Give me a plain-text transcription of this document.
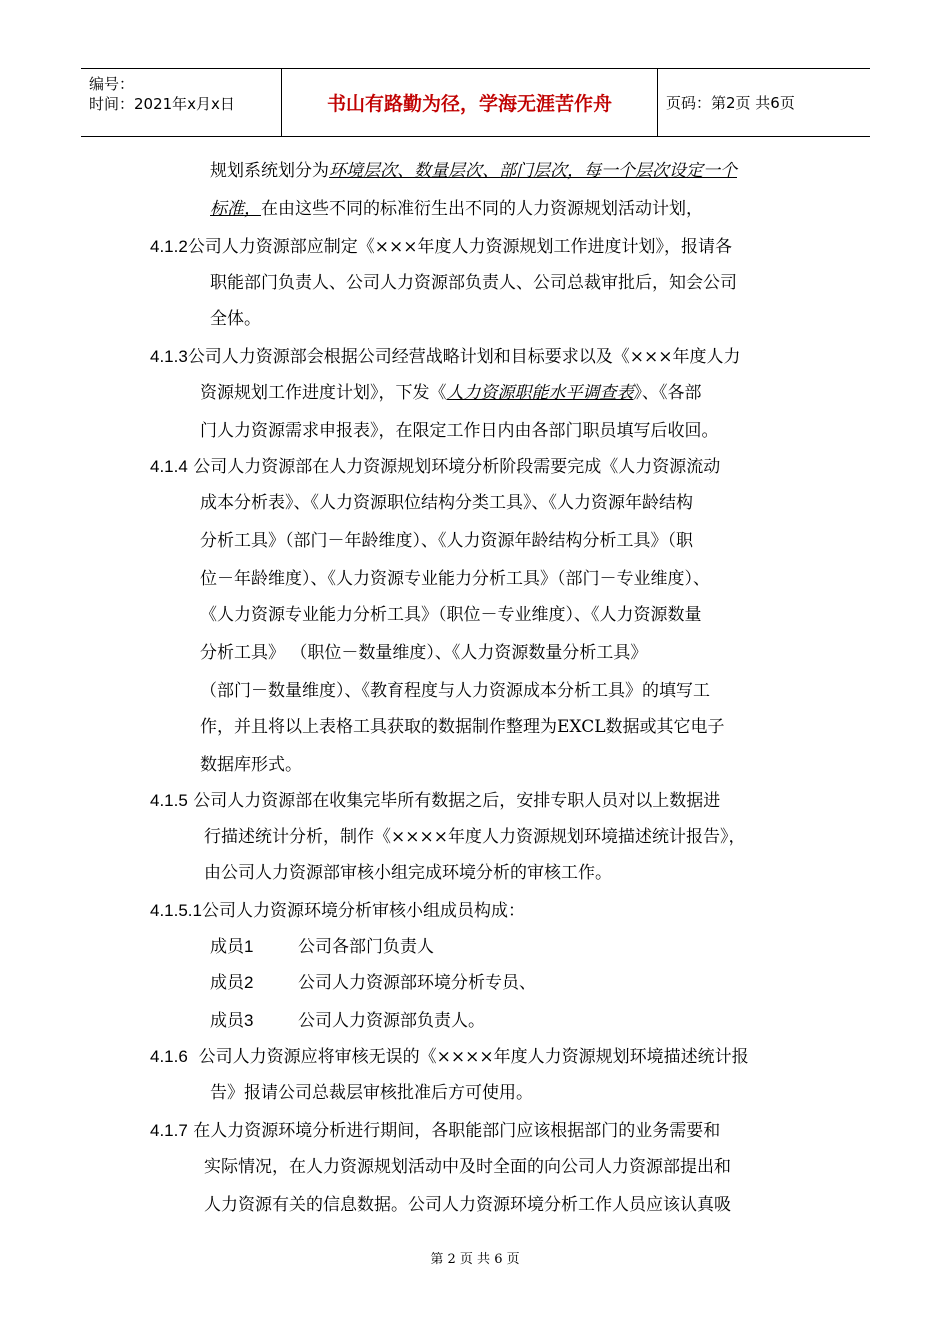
编号：
时间：2021年x月x日	书山有路勤为径，学海无涯苦作舟	页码：第2页 共6页
规划系统划分为环境层次、数量层次、部门层次，每一个层次设定一个
标准，在由这些不同的标准衍生出不同的人力资源规划活动计划，
4.1.2公司人力资源部应制定《×××年度人力资源规划工作进度计划》，报请各
职能部门负责人、公司人力资源部负责人、公司总裁审批后，知会公司
全体。
4.1.3公司人力资源部会根据公司经营战略计划和目标要求以及《×××年度人力
资源规划工作进度计划》，下发《人力资源职能水平调查表》、《各部
门人力资源需求申报表》，在限定工作日内由各部门职员填写后收回。
4.1.4 公司人力资源部在人力资源规划环境分析阶段需要完成《人力资源流动
成本分析表》、《人力资源职位结构分类工具》、《人力资源年龄结构
分析工具》（部门－年龄维度）、《人力资源年龄结构分析工具》（职
位－年龄维度）、《人力资源专业能力分析工具》（部门－专业维度）、
《人力资源专业能力分析工具》（职位－专业维度）、《人力资源数量
分析工具》 （职位－数量维度）、《人力资源数量分析工具》
（部门－数量维度）、《教育程度与人力资源成本分析工具》的填写工
作，并且将以上表格工具获取的数据制作整理为EXCL数据或其它电子
数据库形式。
4.1.5 公司人力资源部在收集完毕所有数据之后，安排专职人员对以上数据进
行描述统计分析，制作《××××年度人力资源规划环境描述统计报告》，
由公司人力资源部审核小组完成环境分析的审核工作。
4.1.5.1公司人力资源环境分析审核小组成员构成：
成员1	公司各部门负责人
成员2	公司人力资源部环境分析专员、
成员3	公司人力资源部负责人。
4.1.6 公司人力资源应将审核无误的《××××年度人力资源规划环境描述统计报
告》报请公司总裁层审核批准后方可使用。
4.1.7 在人力资源环境分析进行期间，各职能部门应该根据部门的业务需要和
实际情况，在人力资源规划活动中及时全面的向公司人力资源部提出和
人力资源有关的信息数据。公司人力资源环境分析工作人员应该认真吸
第 2 页 共 6 页
